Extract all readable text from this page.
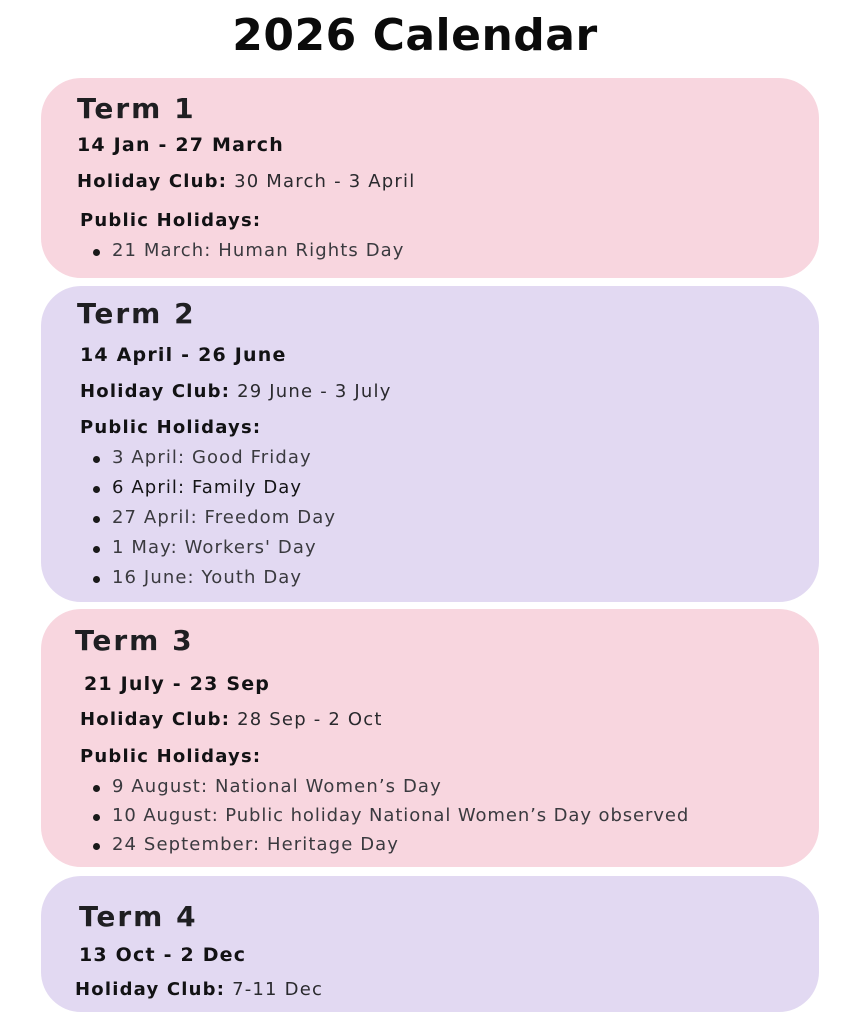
2026 Calendar
Term 1
14 Jan - 27 March
Holiday Club: 30 March - 3 April
Public Holidays:
21 March: Human Rights Day
Term 2
14 April - 26 June
Holiday Club: 29 June - 3 July
Public Holidays:
3 April: Good Friday
6 April: Family Day
27 April: Freedom Day
1 May: Workers' Day
16 June: Youth Day
Term 3
21 July - 23 Sep
Holiday Club: 28 Sep - 2 Oct
Public Holidays:
9 August: National Women’s Day
10 August: Public holiday National Women’s Day observed
24 September: Heritage Day
Term 4
13 Oct - 2 Dec
Holiday Club: 7-11 Dec
